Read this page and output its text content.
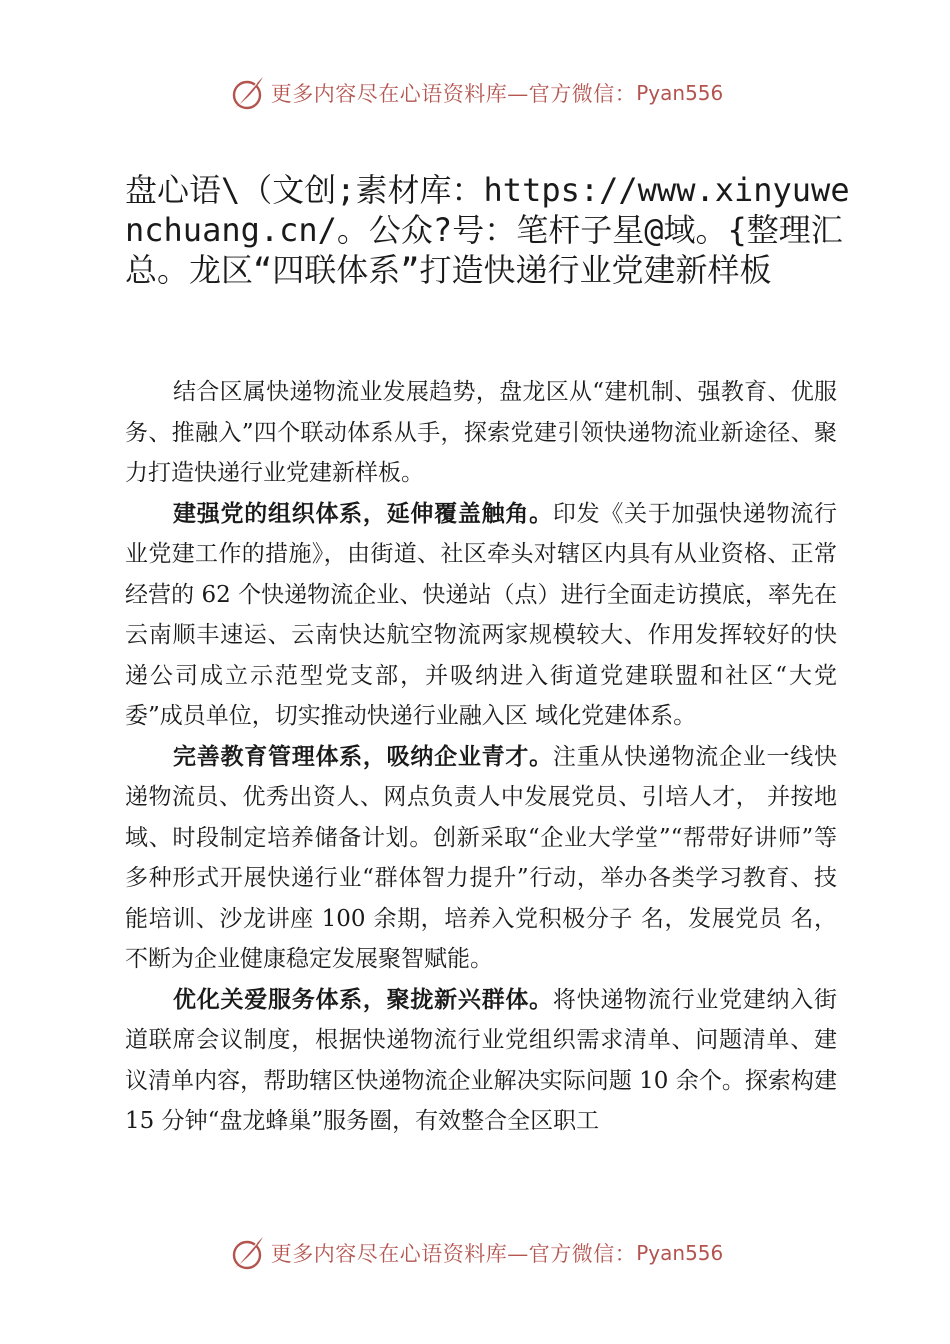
更多内容尽在心语资料库—官方微信： Pyan556
盘心语\（文创;素材库：https://www.xinyuwenchuang.cn/。公众?号：笔杆子星@域。{整理汇总。龙区“四联体系”打造快递行业党建新样板

结合区属快递物流业发展趋势，盘龙区从“建机制、强教育、优服务、推融入”四个联动体系从手，探索党建引领快递物流业新途径、聚力打造快递行业党建新样板。

建强党的组织体系，延伸覆盖触角。印发《关于加强快递物流行业党建工作的措施》，由街道、社区牵头对辖区内具有从业资格、正常经营的 62 个快递物流企业、快递站（点）进行全面走访摸底，率先在云南顺丰速运、云南快达航空物流两家规模较大、作用发挥较好的快递公司成立示范型党支部，并吸纳进入街道党建联盟和社区“大党委”成员单位，切实推动快递行业融入区 域化党建体系。

完善教育管理体系，吸纳企业青才。注重从快递物流企业一线快递物流员、优秀出资人、网点负责人中发展党员、引培人才， 并按地域、时段制定培养储备计划。创新采取“企业大学堂”“帮带好讲师”等多种形式开展快递行业“群体智力提升”行动，举办各类学习教育、技能培训、沙龙讲座 100 余期，培养入党积极分子 名，发展党员 名，不断为企业健康稳定发展聚智赋能。

优化关爱服务体系，聚拢新兴群体。将快递物流行业党建纳入街道联席会议制度，根据快递物流行业党组织需求清单、问题清单、建议清单内容，帮助辖区快递物流企业解决实际问题 10 余个。探索构建 15 分钟“盘龙蜂巢”服务圈，有效整合全区职工

更多内容尽在心语资料库—官方微信： Pyan556
